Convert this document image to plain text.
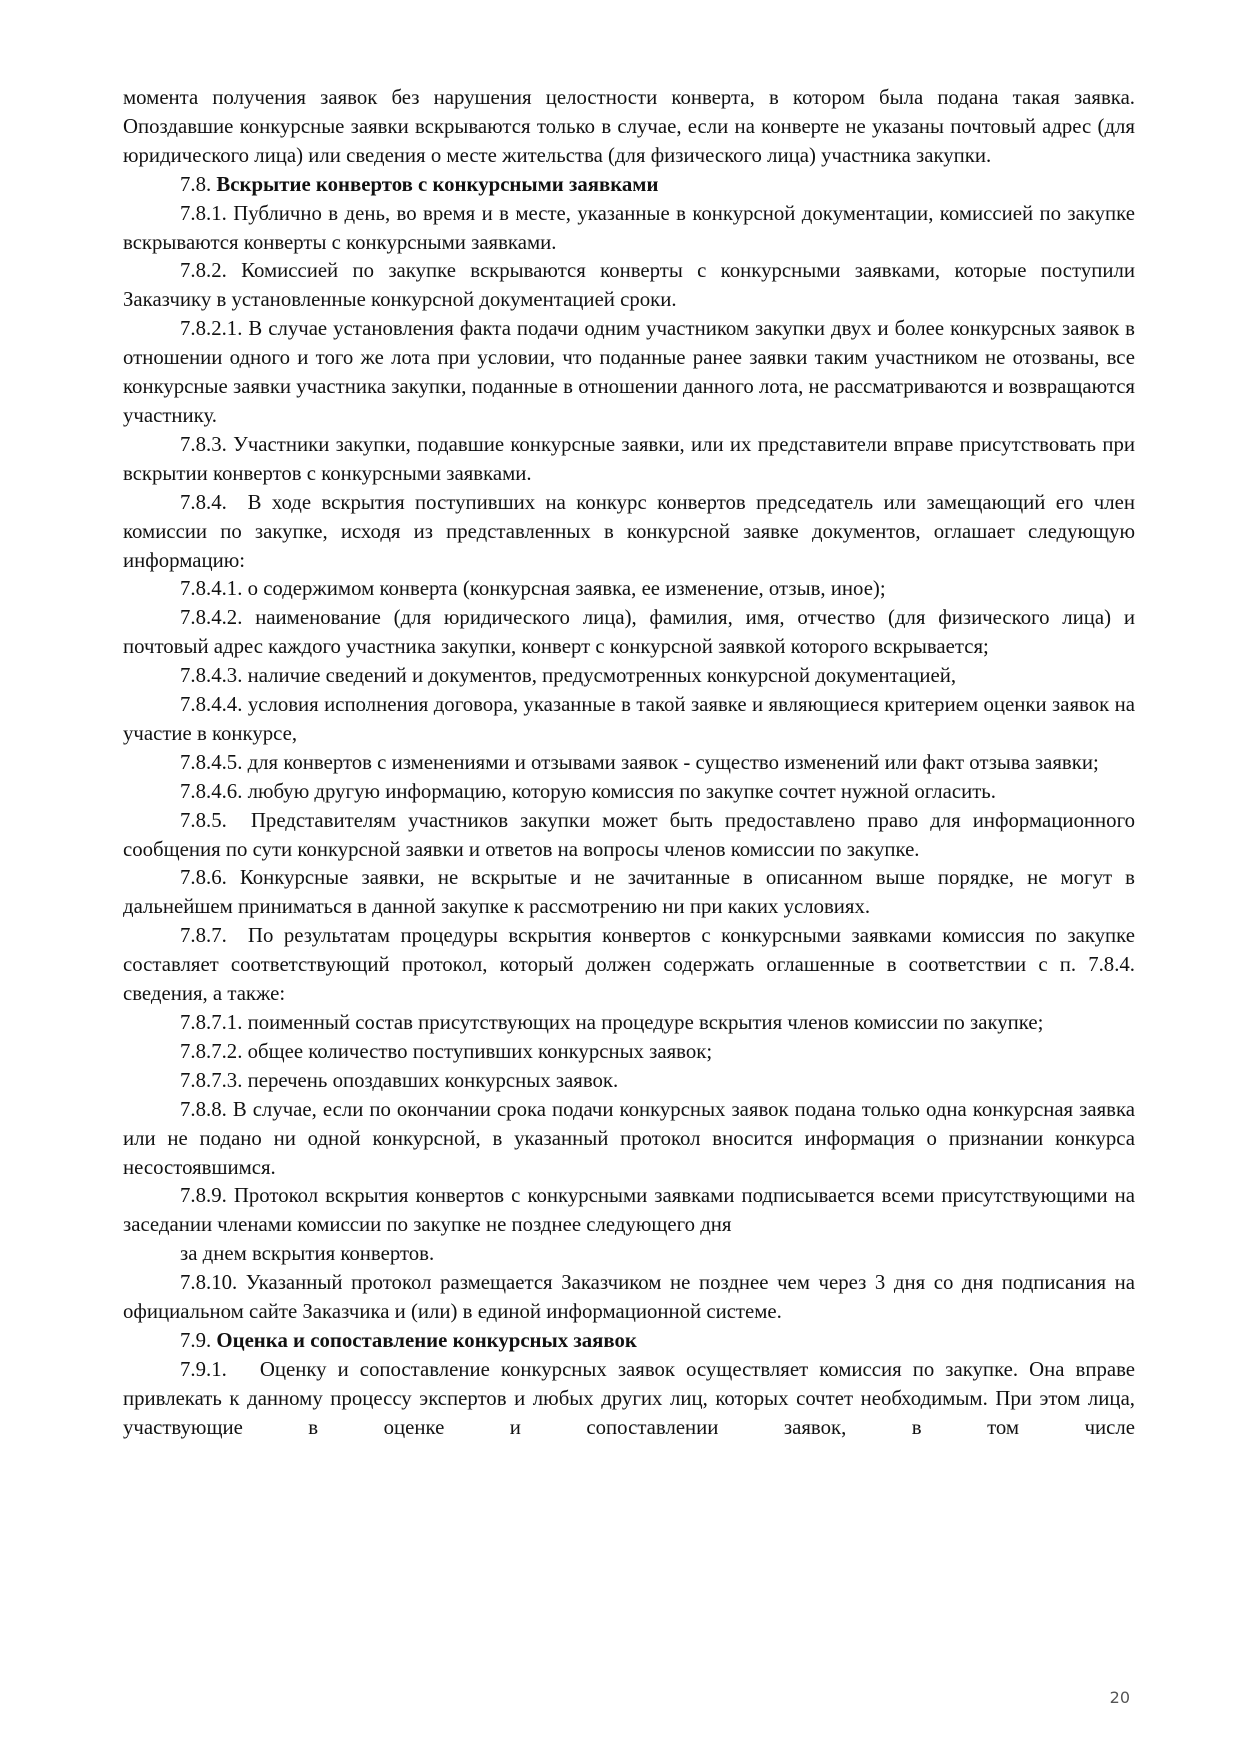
момента получения заявок без нарушения целостности конверта, в котором была подана такая заявка. Опоздавшие конкурсные заявки вскрываются только в случае, если на конверте не указаны почтовый адрес (для юридического лица) или сведения о месте жительства (для физического лица) участника закупки.

7.8. Вскрытие конвертов с конкурсными заявками

7.8.1. Публично в день, во время и в месте, указанные в конкурсной документации, комиссией по закупке вскрываются конверты с конкурсными заявками.

7.8.2. Комиссией по закупке вскрываются конверты с конкурсными заявками, которые поступили Заказчику в установленные конкурсной документацией сроки.

7.8.2.1. В случае установления факта подачи одним участником закупки двух и более конкурсных заявок в отношении одного и того же лота при условии, что поданные ранее заявки таким участником не отозваны, все конкурсные заявки участника закупки, поданные в отношении данного лота, не рассматриваются и возвращаются участнику.

7.8.3. Участники закупки, подавшие конкурсные заявки, или их представители вправе присутствовать при вскрытии конвертов с конкурсными заявками.

7.8.4.  В ходе вскрытия поступивших на конкурс конвертов председатель или замещающий его член комиссии по закупке, исходя из представленных в конкурсной заявке документов, оглашает следующую информацию:

7.8.4.1. о содержимом конверта (конкурсная заявка, ее изменение, отзыв, иное);

7.8.4.2. наименование (для юридического лица), фамилия, имя, отчество (для физического лица) и почтовый адрес каждого участника закупки, конверт с конкурсной заявкой которого вскрывается;

7.8.4.3. наличие сведений и документов, предусмотренных конкурсной документацией,

7.8.4.4. условия исполнения договора, указанные в такой заявке и являющиеся критерием оценки заявок на участие в конкурсе,

7.8.4.5. для конвертов с изменениями и отзывами заявок - существо изменений или факт отзыва заявки;

7.8.4.6. любую другую информацию, которую комиссия по закупке сочтет нужной огласить.

7.8.5.  Представителям участников закупки может быть предоставлено право для информационного сообщения по сути конкурсной заявки и ответов на вопросы членов комиссии по закупке.

7.8.6. Конкурсные заявки, не вскрытые и не зачитанные в описанном выше порядке, не могут в дальнейшем приниматься в данной закупке к рассмотрению ни при каких условиях.

7.8.7.  По результатам процедуры вскрытия конвертов с конкурсными заявками комиссия по закупке составляет соответствующий протокол, который должен содержать оглашенные в соответствии с п. 7.8.4. сведения, а также:

7.8.7.1. поименный состав присутствующих на процедуре вскрытия членов комиссии по закупке;

7.8.7.2. общее количество поступивших конкурсных заявок;

7.8.7.3. перечень опоздавших конкурсных заявок.

7.8.8. В случае, если по окончании срока подачи конкурсных заявок подана только одна конкурсная заявка или не подано ни одной конкурсной, в указанный протокол вносится информация о признании конкурса несостоявшимся.

7.8.9. Протокол вскрытия конвертов с конкурсными заявками подписывается всеми присутствующими на заседании членами комиссии по закупке не позднее следующего дня

за днем вскрытия конвертов.

7.8.10. Указанный протокол размещается Заказчиком не позднее чем через 3 дня со дня подписания на официальном сайте Заказчика и (или) в единой информационной системе.

7.9. Оценка и сопоставление конкурсных заявок

7.9.1.   Оценку и сопоставление конкурсных заявок осуществляет комиссия по закупке. Она вправе привлекать к данному процессу экспертов и любых других лиц, которых сочтет необходимым. При этом лица, участвующие в оценке и сопоставлении заявок, в том числе

20
